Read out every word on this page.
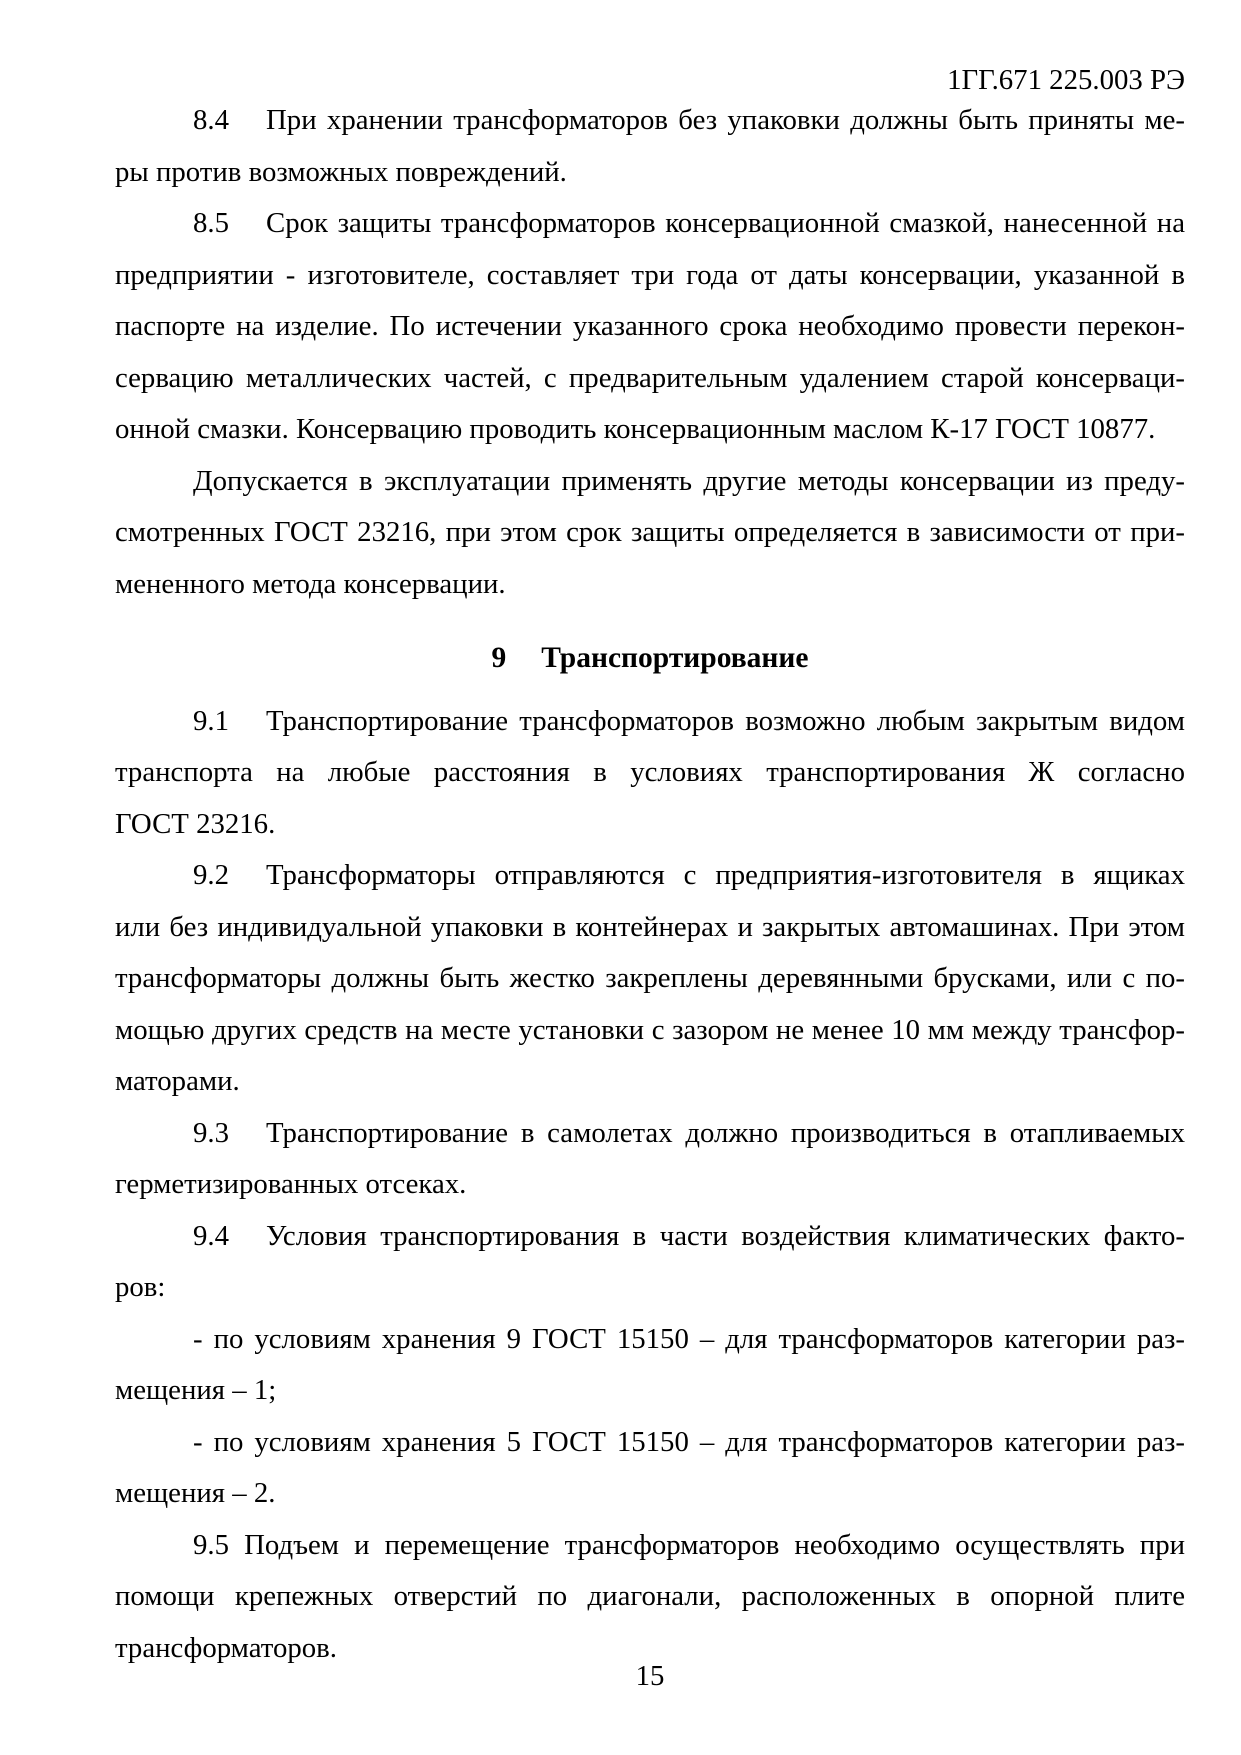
1ГГ.671 225.003 РЭ
8.4 При хранении трансформаторов без упаковки должны быть приняты ме-
ры против возможных повреждений.
8.5 Срок защиты трансформаторов консервационной смазкой, нанесенной на
предприятии - изготовителе, составляет три года от даты консервации, указанной в
паспорте на изделие. По истечении указанного срока необходимо провести перекон-
сервацию металлических частей, с предварительным удалением старой консерваци-
онной смазки. Консервацию проводить консервационным маслом К-17 ГОСТ 10877.
Допускается в эксплуатации применять другие методы консервации из преду-
смотренных ГОСТ 23216, при этом срок защиты определяется в зависимости от при-
мененного метода консервации.
9 Транспортирование
9.1 Транспортирование трансформаторов возможно любым закрытым видом
транспорта на любые расстояния в условиях транспортирования Ж согласно
ГОСТ 23216.
9.2 Трансформаторы отправляются с предприятия-изготовителя в ящиках
или без индивидуальной упаковки в контейнерах и закрытых автомашинах. При этом
трансформаторы должны быть жестко закреплены деревянными брусками, или с по-
мощью других средств на месте установки с зазором не менее 10 мм между трансфор-
маторами.
9.3 Транспортирование в самолетах должно производиться в отапливаемых
герметизированных отсеках.
9.4 Условия транспортирования в части воздействия климатических факто-
ров:
- по условиям хранения 9 ГОСТ 15150 – для трансформаторов категории раз-
мещения – 1;
- по условиям хранения 5 ГОСТ 15150 – для трансформаторов категории раз-
мещения – 2.
9.5 Подъем и перемещение трансформаторов необходимо осуществлять при
помощи крепежных отверстий по диагонали, расположенных в опорной плите
трансформаторов.
15
